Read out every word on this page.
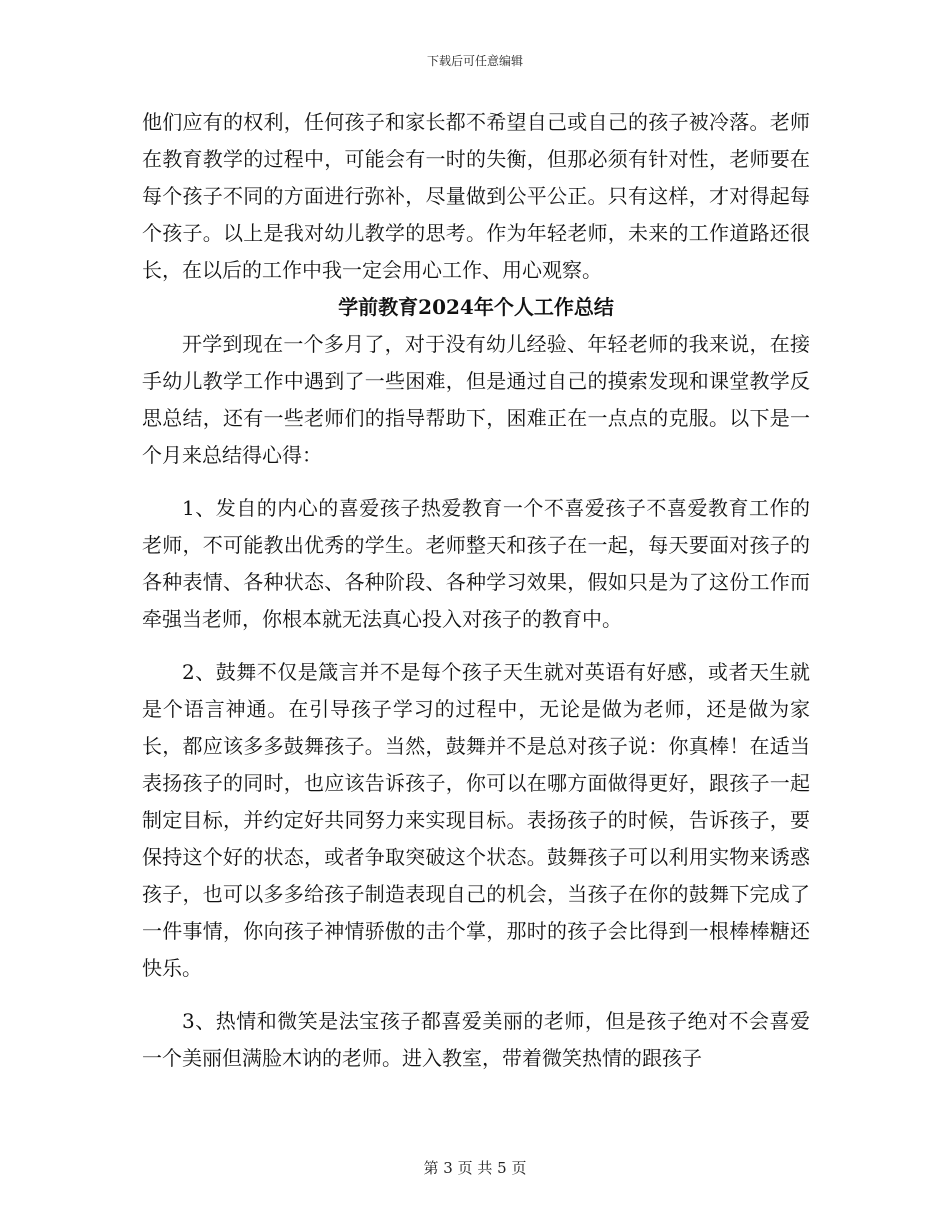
下载后可任意编辑

他们应有的权利，任何孩子和家长都不希望自己或自己的孩子被冷落。老师在教育教学的过程中，可能会有一时的失衡，但那必须有针对性，老师要在每个孩子不同的方面进行弥补，尽量做到公平公正。只有这样，才对得起每个孩子。以上是我对幼儿教学的思考。作为年轻老师，未来的工作道路还很长，在以后的工作中我一定会用心工作、用心观察。

学前教育2024年个人工作总结

开学到现在一个多月了，对于没有幼儿经验、年轻老师的我来说，在接手幼儿教学工作中遇到了一些困难，但是通过自己的摸索发现和课堂教学反思总结，还有一些老师们的指导帮助下，困难正在一点点的克服。以下是一个月来总结得心得：

1、发自的内心的喜爱孩子热爱教育一个不喜爱孩子不喜爱教育工作的老师，不可能教出优秀的学生。老师整天和孩子在一起，每天要面对孩子的各种表情、各种状态、各种阶段、各种学习效果，假如只是为了这份工作而牵强当老师，你根本就无法真心投入对孩子的教育中。

2、鼓舞不仅是箴言并不是每个孩子天生就对英语有好感，或者天生就是个语言神通。在引导孩子学习的过程中，无论是做为老师，还是做为家长，都应该多多鼓舞孩子。当然，鼓舞并不是总对孩子说：你真棒！在适当表扬孩子的同时，也应该告诉孩子，你可以在哪方面做得更好，跟孩子一起制定目标，并约定好共同努力来实现目标。表扬孩子的时候，告诉孩子，要保持这个好的状态，或者争取突破这个状态。鼓舞孩子可以利用实物来诱惑孩子，也可以多多给孩子制造表现自己的机会，当孩子在你的鼓舞下完成了一件事情，你向孩子神情骄傲的击个掌，那时的孩子会比得到一根棒棒糖还快乐。

3、热情和微笑是法宝孩子都喜爱美丽的老师，但是孩子绝对不会喜爱一个美丽但满脸木讷的老师。进入教室，带着微笑热情的跟孩子

第 3 页 共 5 页
